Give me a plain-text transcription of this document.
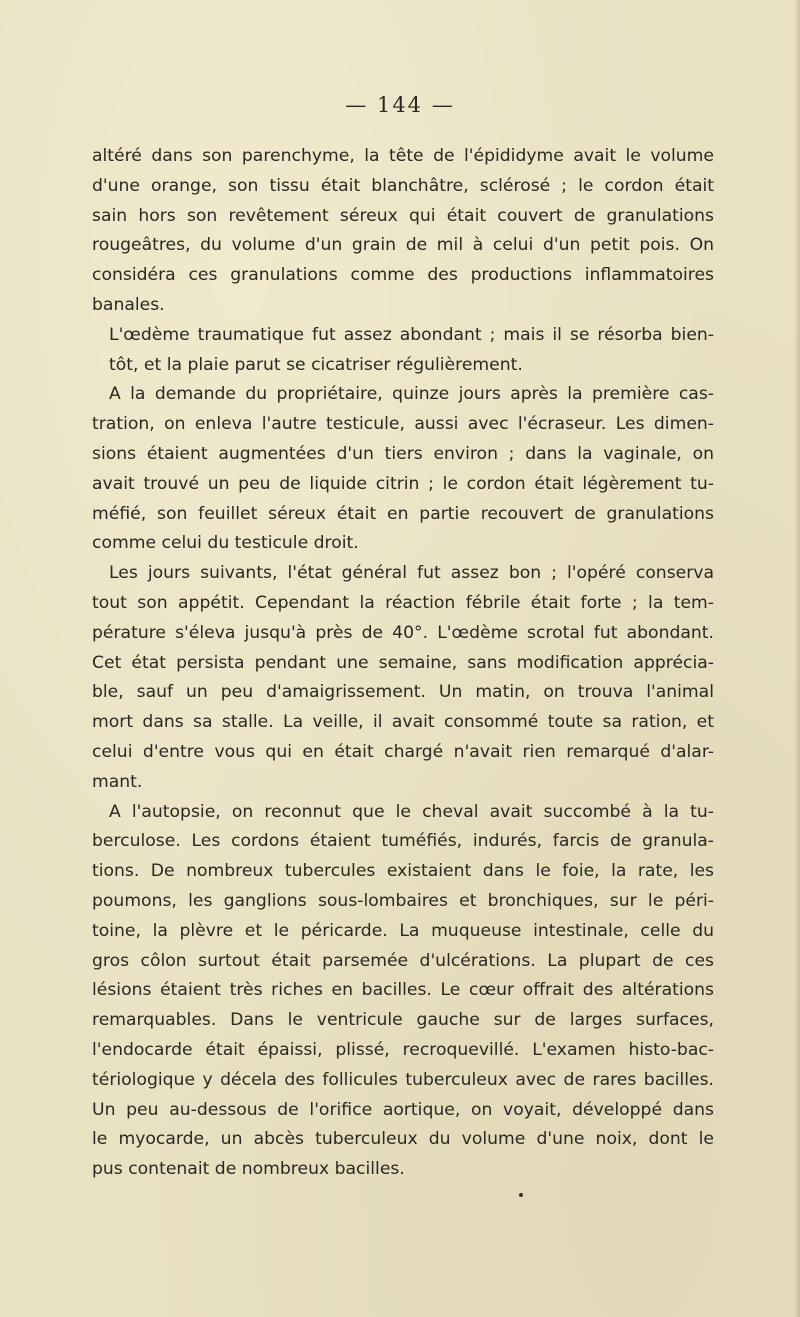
— 144 —

altéré dans son parenchyme, la tête de l'épididyme avait le volume
d'une orange, son tissu était blanchâtre, sclérosé ; le cordon était
sain hors son revêtement séreux qui était couvert de granulations
rougeâtres, du volume d'un grain de mil à celui d'un petit pois. On
considéra ces granulations comme des productions inflammatoires
banales.

L'œdème traumatique fut assez abondant ; mais il se résorba bien-
tôt, et la plaie parut se cicatriser régulièrement.

A la demande du propriétaire, quinze jours après la première cas-
tration, on enleva l'autre testicule, aussi avec l'écraseur. Les dimen-
sions étaient augmentées d'un tiers environ ; dans la vaginale, on
avait trouvé un peu de liquide citrin ; le cordon était légèrement tu-
méfié, son feuillet séreux était en partie recouvert de granulations
comme celui du testicule droit.

Les jours suivants, l'état général fut assez bon ; l'opéré conserva
tout son appétit. Cependant la réaction fébrile était forte ; la tem-
pérature s'éleva jusqu'à près de 40°. L'œdème scrotal fut abondant.
Cet état persista pendant une semaine, sans modification apprécia-
ble, sauf un peu d'amaigrissement. Un matin, on trouva l'animal
mort dans sa stalle. La veille, il avait consommé toute sa ration, et
celui d'entre vous qui en était chargé n'avait rien remarqué d'alar-
mant.

A l'autopsie, on reconnut que le cheval avait succombé à la tu-
berculose. Les cordons étaient tuméfiés, indurés, farcis de granula-
tions. De nombreux tubercules existaient dans le foie, la rate, les
poumons, les ganglions sous-lombaires et bronchiques, sur le péri-
toine, la plèvre et le péricarde. La muqueuse intestinale, celle du
gros côlon surtout était parsemée d'ulcérations. La plupart de ces
lésions étaient très riches en bacilles. Le cœur offrait des altérations
remarquables. Dans le ventricule gauche sur de larges surfaces,
l'endocarde était épaissi, plissé, recroquevillé. L'examen histo-bac-
tériologique y décela des follicules tuberculeux avec de rares bacilles.
Un peu au-dessous de l'orifice aortique, on voyait, développé dans
le myocarde, un abcès tuberculeux du volume d'une noix, dont le
pus contenait de nombreux bacilles.
